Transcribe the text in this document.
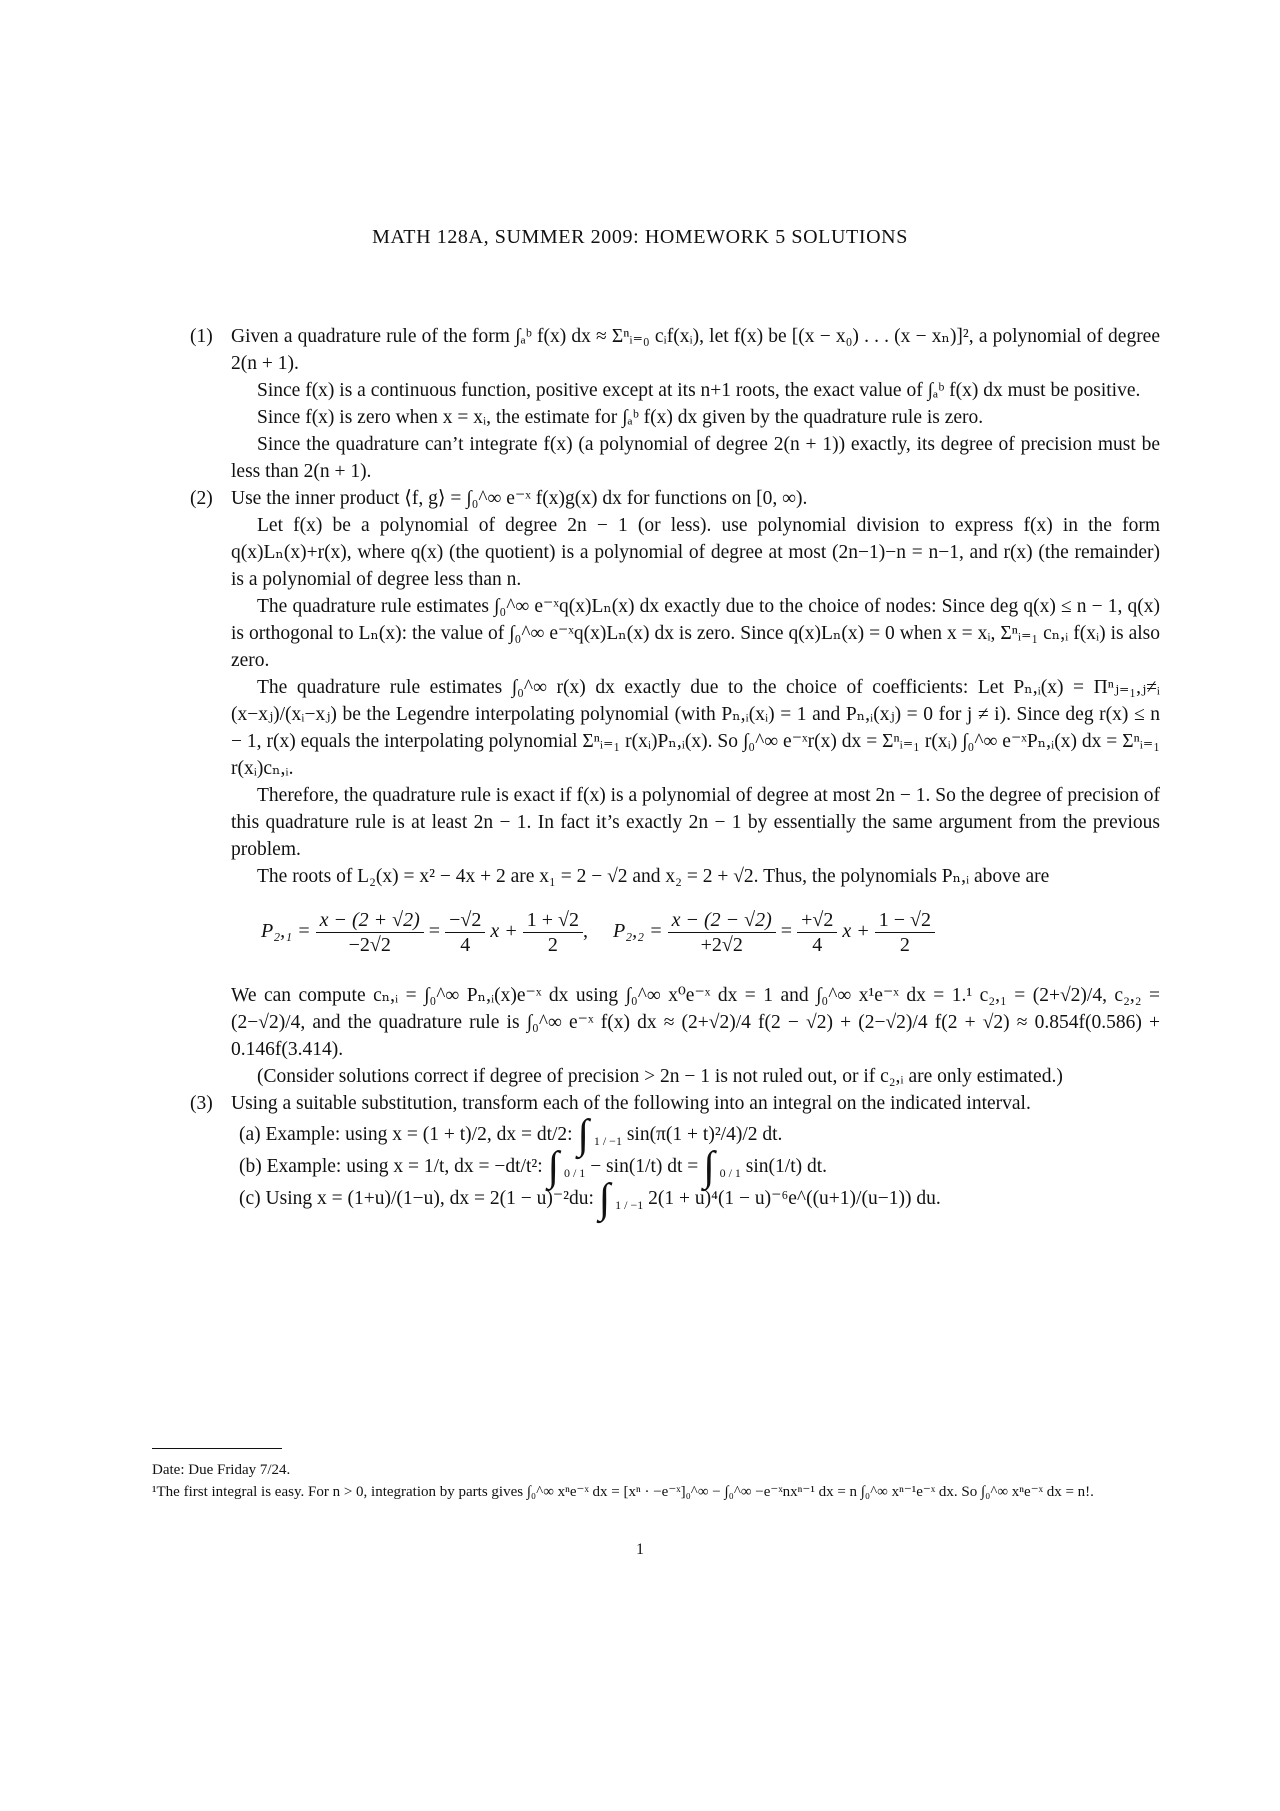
MATH 128A, SUMMER 2009: HOMEWORK 5 SOLUTIONS
(1) Given a quadrature rule of the form ∫ₐᵇ f(x) dx ≈ Σⁿᵢ₌₀ cᵢf(xᵢ), let f(x) be [(x − x₀) . . . (x − xₙ)]², a polynomial of degree 2(n + 1).

Since f(x) is a continuous function, positive except at its n+1 roots, the exact value of ∫ₐᵇ f(x) dx must be positive.

Since f(x) is zero when x = xᵢ, the estimate for ∫ₐᵇ f(x) dx given by the quadrature rule is zero.

Since the quadrature can’t integrate f(x) (a polynomial of degree 2(n + 1)) exactly, its degree of precision must be less than 2(n + 1).

(2) Use the inner product ⟨f, g⟩ = ∫₀^∞ e⁻ˣ f(x)g(x) dx for functions on [0, ∞).

Let f(x) be a polynomial of degree 2n − 1 (or less). use polynomial division to express f(x) in the form q(x)Lₙ(x)+r(x), where q(x) (the quotient) is a polynomial of degree at most (2n−1)−n = n−1, and r(x) (the remainder) is a polynomial of degree less than n.

The quadrature rule estimates ∫₀^∞ e⁻ˣq(x)Lₙ(x) dx exactly due to the choice of nodes: Since deg q(x) ≤ n − 1, q(x) is orthogonal to Lₙ(x): the value of ∫₀^∞ e⁻ˣq(x)Lₙ(x) dx is zero. Since q(x)Lₙ(x) = 0 when x = xᵢ, Σⁿᵢ₌₁ cₙ,ᵢ f(xᵢ) is also zero.

The quadrature rule estimates ∫₀^∞ r(x) dx exactly due to the choice of coefficients: Let Pₙ,ᵢ(x) = Πⁿⱼ₌₁,ⱼ≠ᵢ (x−xⱼ)/(xᵢ−xⱼ) be the Legendre interpolating polynomial (with Pₙ,ᵢ(xᵢ) = 1 and Pₙ,ᵢ(xⱼ) = 0 for j ≠ i). Since deg r(x) ≤ n − 1, r(x) equals the interpolating polynomial Σⁿᵢ₌₁ r(xᵢ)Pₙ,ᵢ(x). So ∫₀^∞ e⁻ˣr(x) dx = Σⁿᵢ₌₁ r(xᵢ) ∫₀^∞ e⁻ˣPₙ,ᵢ(x) dx = Σⁿᵢ₌₁ r(xᵢ)cₙ,ᵢ.

Therefore, the quadrature rule is exact if f(x) is a polynomial of degree at most 2n − 1. So the degree of precision of this quadrature rule is at least 2n − 1. In fact it’s exactly 2n − 1 by essentially the same argument from the previous problem.

The roots of L₂(x) = x² − 4x + 2 are x₁ = 2 − √2 and x₂ = 2 + √2. Thus, the polynomials Pₙ,ᵢ above are

$P_2,_1 = \frac{x - (2 + √2)}{-2√2} = \frac{-√2}{4}$ $x + \frac{1 + √2}{2}$ , $P_2,_2 = \frac{x - (2 - √2)}{+2√2} = \frac{+√2}{4}$ $x + \frac{1 - √2}{2}$

We can compute cₙ,ᵢ = ∫₀^∞ Pₙ,ᵢ(x)e⁻ˣ dx using ∫₀^∞ x⁰e⁻ˣ dx = 1 and ∫₀^∞ x¹e⁻ˣ dx = 1.¹ c₂,₁ = (2+√2)/4, c₂,₂ = (2−√2)/4, and the quadrature rule is ∫₀^∞ e⁻ˣ f(x) dx ≈ (2+√2)/4 f(2 − √2) + (2−√2)/4 f(2 + √2) ≈ 0.854f(0.586) + 0.146f(3.414).

(Consider solutions correct if degree of precision > 2n − 1 is not ruled out, or if c₂,ᵢ are only estimated.)

(3) Using a suitable substitution, transform each of the following into an integral on the indicated interval.

(a) Example: using x = (1 + t)/2, dx = dt/2: ∫ $_{1 / -1}$ sin(π(1 + t)²/4)/2 dt.
(b) Example: using x = 1/t, dx = −dt/t²: ∫ $_{0 / 1}$ − sin(1/t) dt = ∫ $_{0 / 1}$ sin(1/t) dt.
(c) Using x = (1+u)/(1−u), dx = 2(1 − u)⁻²du: ∫ $_{1 / -1}$ 2(1 + u)⁴(1 − u)⁻⁶e^((u+1)/(u−1)) du.
Date: Due Friday 7/24.
¹The first integral is easy. For n > 0, integration by parts gives ∫₀^∞ xⁿe⁻ˣ dx = [xⁿ · −e⁻ˣ]₀^∞ − ∫₀^∞ −e⁻ˣnxⁿ⁻¹ dx = n ∫₀^∞ xⁿ⁻¹e⁻ˣ dx. So ∫₀^∞ xⁿe⁻ˣ dx = n!.
1
